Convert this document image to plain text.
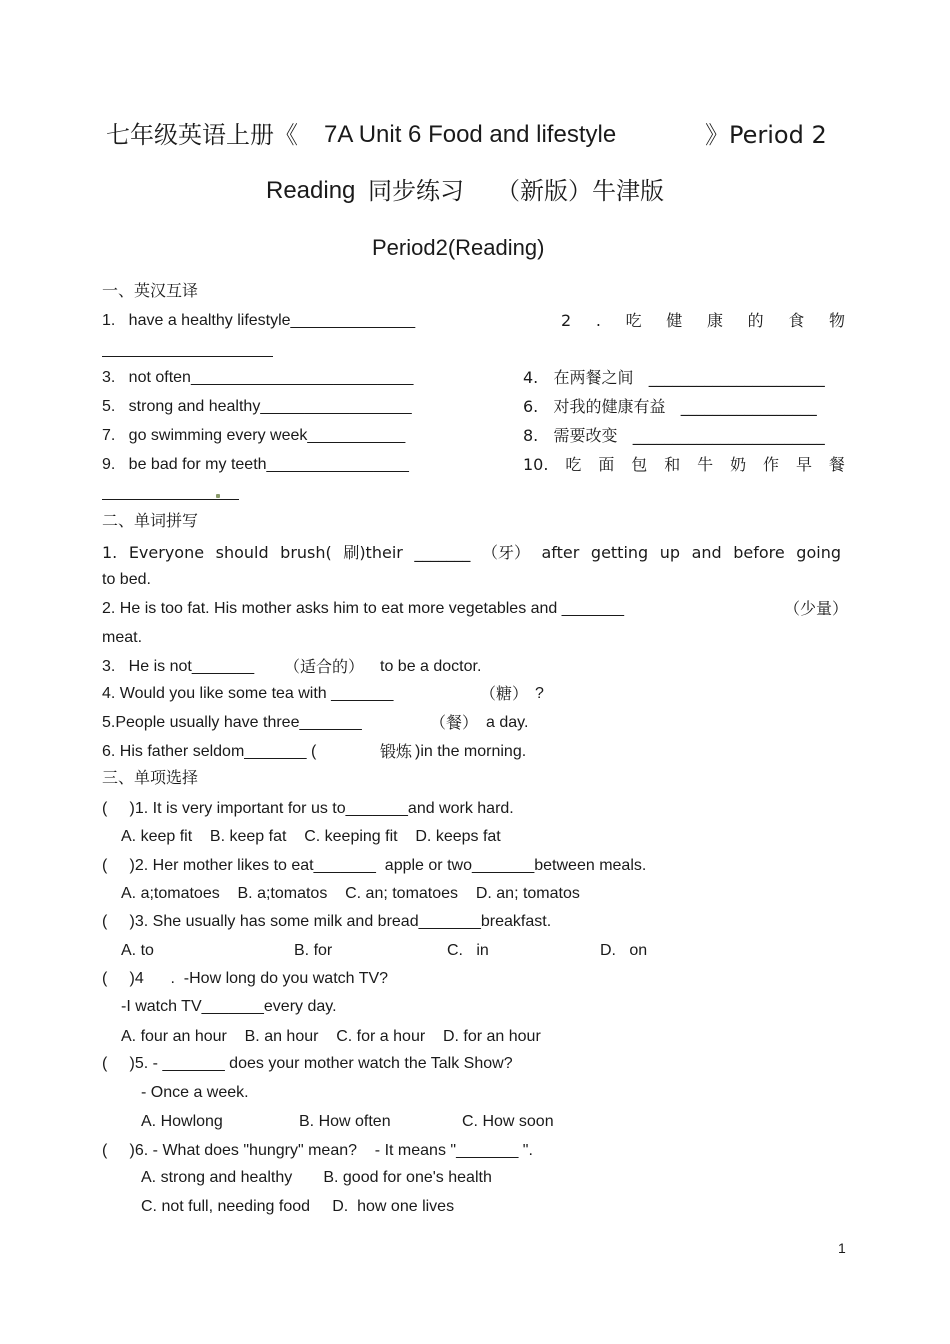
七年级英语上册《 7A Unit 6 Food and lifestyle	》Period 2
Reading 同步练习 （新版）牛津版
Period2(Reading)
一、英汉互译
1.   have a healthy lifestyle______________	2 . 吃 健 康 的 食 物
3.   not often_________________________	4.   在两餐之间   ______________________
5.   strong and healthy_________________	6.   对我的健康有益   _________________
7.   go swimming every week___________	8.   需要改变   ________________________
9.   be bad for my teeth________________	10. 吃 面 包 和 牛 奶 作 早 餐
二、单词拼写
1. Everyone should brush( 刷)their _______ （牙） after getting up and before going
to bed.
2. He is too fat. His mother asks him to eat more vegetables and _______	（少量）
meat.
3.   He is not_______ （适合的） to be a doctor.
4. Would you like some tea with _______	（糖） ?
5.People usually have three_______	（餐） a day.
6. His father seldom_______ (	锻炼 )in the morning.
三、单项选择
(     )1. It is very important for us to_______and work hard.
A. keep fit    B. keep fat    C. keeping fit    D. keeps fat
(     )2. Her mother likes to eat_______  apple or two_______between meals.
A. a;tomatoes    B. a;tomatos    C. an; tomatoes    D. an; tomatos
(     )3. She usually has some milk and bread_______breakfast.
A. to	B. for	C.   in	D.   on
(     )4      .  -How long do you watch TV?
-I watch TV_______every day.
A. four an hour    B. an hour    C. for a hour    D. for an hour
(     )5. - _______ does your mother watch the Talk Show?
- Once a week.
A. Howlong	B. How often	C. How soon
(     )6. - What does "hungry" mean?    - It means "_______ ".
A. strong and healthy       B. good for one's health
C. not full, needing food     D.  how one lives
1
